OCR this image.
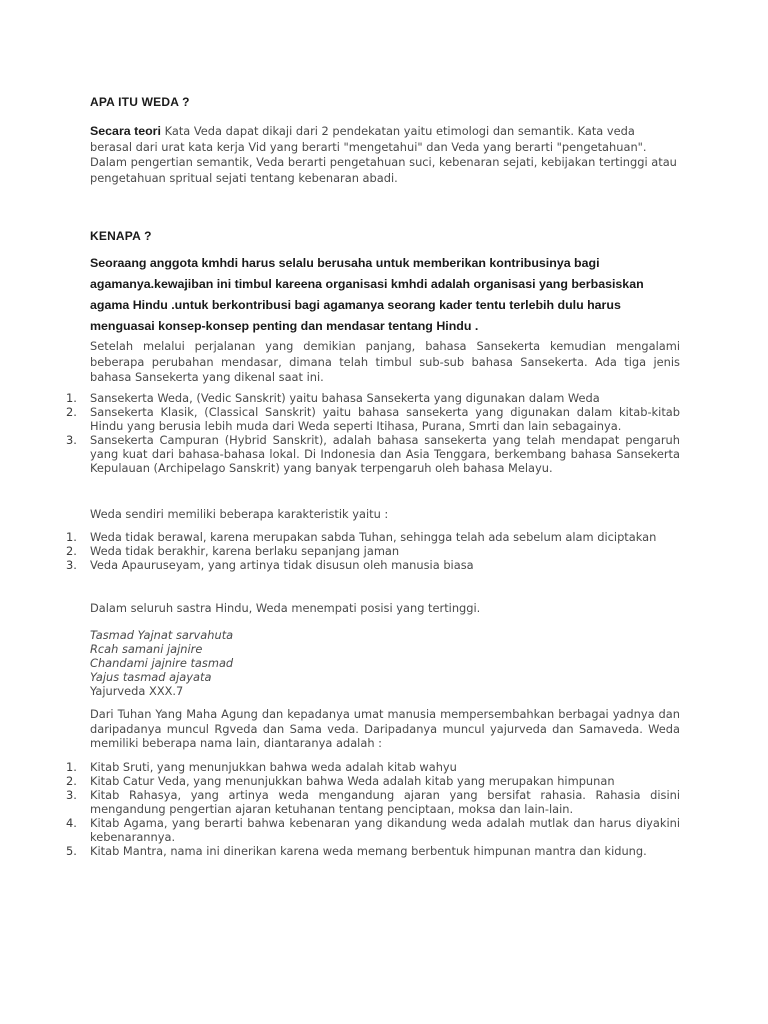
APA ITU WEDA ?
Secara teori Kata Veda dapat dikaji dari 2 pendekatan yaitu etimologi dan semantik. Kata veda berasal dari urat kata kerja Vid yang berarti "mengetahui" dan Veda yang berarti "pengetahuan". Dalam pengertian semantik, Veda berarti pengetahuan suci, kebenaran sejati, kebijakan tertinggi atau pengetahuan spritual sejati tentang kebenaran abadi.
KENAPA ?
Seoraang anggota kmhdi harus selalu berusaha untuk memberikan kontribusinya bagi agamanya.kewajiban ini timbul kareena organisasi kmhdi adalah organisasi yang berbasiskan agama Hindu .untuk berkontribusi bagi agamanya seorang kader tentu terlebih dulu harus menguasai konsep-konsep penting dan mendasar tentang Hindu .
Setelah melalui perjalanan yang demikian panjang, bahasa Sansekerta kemudian mengalami beberapa perubahan mendasar, dimana telah timbul sub-sub bahasa Sansekerta. Ada tiga jenis bahasa Sansekerta yang dikenal saat ini.
1.	Sansekerta Weda, (Vedic Sanskrit) yaitu bahasa Sansekerta yang digunakan dalam Weda
2.	Sansekerta Klasik, (Classical Sanskrit) yaitu bahasa sansekerta yang digunakan dalam kitab-kitab Hindu yang berusia lebih muda dari Weda seperti Itihasa, Purana, Smrti dan lain sebagainya.
3.	Sansekerta Campuran (Hybrid Sanskrit), adalah bahasa sansekerta yang telah mendapat pengaruh yang kuat dari bahasa-bahasa lokal. Di Indonesia dan Asia Tenggara, berkembang bahasa Sansekerta Kepulauan (Archipelago Sanskrit) yang banyak terpengaruh oleh bahasa Melayu.
Weda sendiri memiliki beberapa karakteristik yaitu :
1.	Weda tidak berawal, karena merupakan sabda Tuhan, sehingga telah ada sebelum alam diciptakan
2.	Weda tidak berakhir, karena berlaku sepanjang jaman
3.	Veda Apauruseyam, yang artinya tidak disusun oleh manusia biasa
Dalam seluruh sastra Hindu, Weda menempati posisi yang tertinggi.
Tasmad Yajnat sarvahuta
Rcah samani jajnire
Chandami jajnire tasmad
Yajus tasmad ajayata
Yajurveda XXX.7
Dari Tuhan Yang Maha Agung dan kepadanya umat manusia mempersembahkan berbagai yadnya dan daripadanya muncul Rgveda dan Sama veda. Daripadanya muncul yajurveda dan Samaveda. Weda memiliki beberapa nama lain, diantaranya adalah :
1.	Kitab Sruti, yang menunjukkan bahwa weda adalah kitab wahyu
2.	Kitab Catur Veda, yang menunjukkan bahwa Weda adalah kitab yang merupakan himpunan
3.	Kitab Rahasya, yang artinya weda mengandung ajaran yang bersifat rahasia. Rahasia disini mengandung pengertian ajaran ketuhanan tentang penciptaan, moksa dan lain-lain.
4.	Kitab Agama, yang berarti bahwa kebenaran yang dikandung weda adalah mutlak dan harus diyakini kebenarannya.
5.	Kitab Mantra, nama ini dinerikan karena weda memang berbentuk himpunan mantra dan kidung.
